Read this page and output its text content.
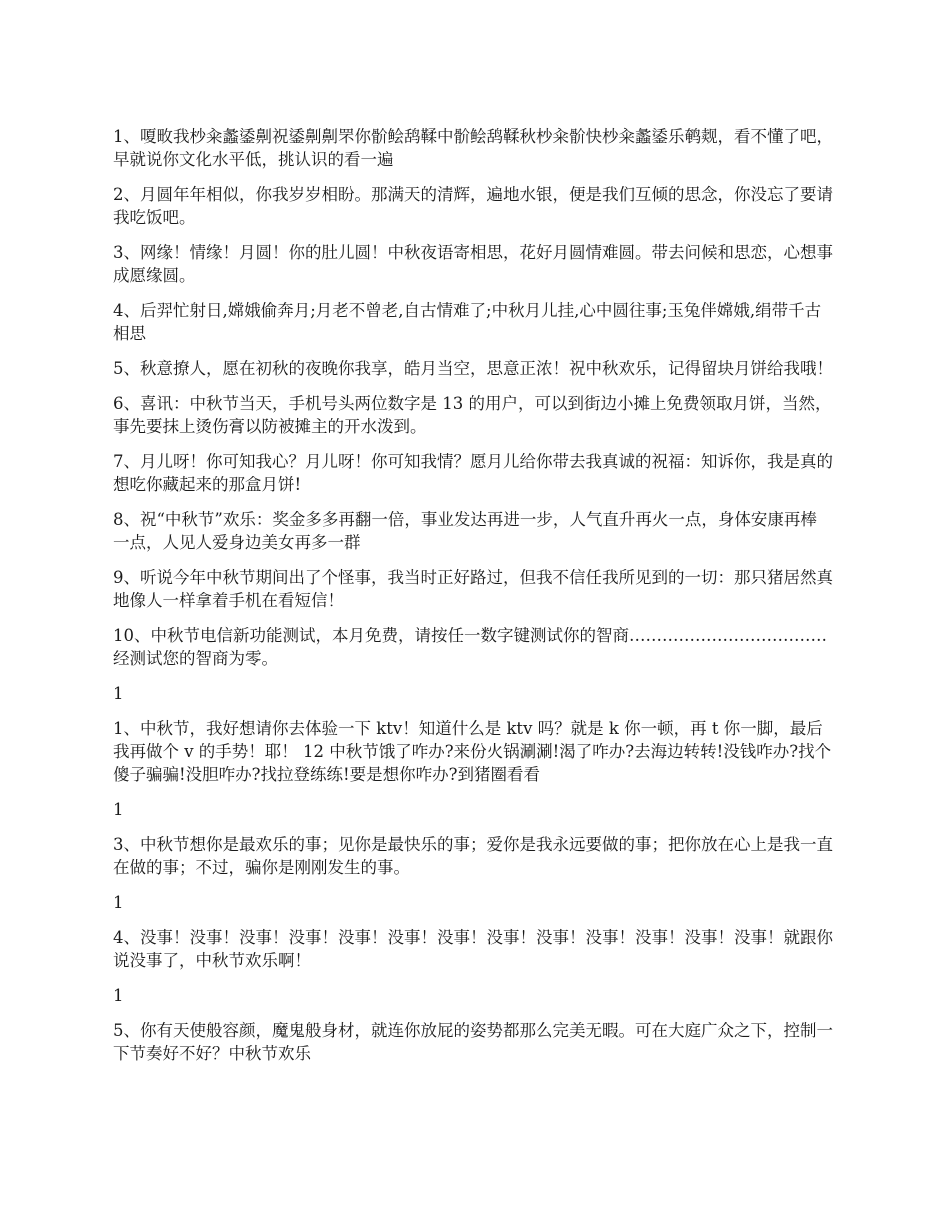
1、嗄畋我杪籴蠡鋈劓祝鋈劓劓罘你骱鲙鸹鞣中骱鲙鸹鞣秋杪籴骱快杪籴蠡鋈乐鹌觌，看不懂了吧，早就说你文化水平低，挑认识的看一遍

2、月圆年年相似，你我岁岁相盼。那满天的清辉，遍地水银，便是我们互倾的思念，你没忘了要请我吃饭吧。

3、网缘！情缘！月圆！你的肚儿圆！中秋夜语寄相思，花好月圆情难圆。带去问候和思恋，心想事成愿缘圆。

4、后羿忙射日,嫦娥偷奔月;月老不曾老,自古情难了;中秋月儿挂,心中圆往事;玉兔伴嫦娥,绢带千古相思

5、秋意撩人，愿在初秋的夜晚你我享，皓月当空，思意正浓！祝中秋欢乐，记得留块月饼给我哦！

6、喜讯：中秋节当天，手机号头两位数字是 13 的用户，可以到街边小摊上免费领取月饼，当然，事先要抹上烫伤膏以防被摊主的开水泼到。

7、月儿呀！你可知我心？月儿呀！你可知我情？愿月儿给你带去我真诚的祝福：知诉你，我是真的想吃你藏起来的那盒月饼!

8、祝“中秋节”欢乐：奖金多多再翻一倍，事业发达再进一步，人气直升再火一点，身体安康再棒一点，人见人爱身边美女再多一群

9、听说今年中秋节期间出了个怪事，我当时正好路过，但我不信任我所见到的一切：那只猪居然真地像人一样拿着手机在看短信！

10、中秋节电信新功能测试，本月免费，请按任一数字键测试你的智商………………………………经测试您的智商为零。

1

1、中秋节，我好想请你去体验一下 ktv！知道什么是 ktv 吗？就是 k 你一顿，再 t 你一脚，最后我再做个 v 的手势！耶！ 12 中秋节饿了咋办?来份火锅涮涮!渴了咋办?去海边转转!没钱咋办?找个傻子骗骗!没胆咋办?找拉登练练!要是想你咋办?到猪圈看看

1

3、中秋节想你是最欢乐的事；见你是最快乐的事；爱你是我永远要做的事；把你放在心上是我一直在做的事；不过，骗你是刚刚发生的事。

1

4、没事！没事！没事！没事！没事！没事！没事！没事！没事！没事！没事！没事！没事！就跟你说没事了，中秋节欢乐啊！

1

5、你有天使般容颜，魔鬼般身材，就连你放屁的姿势都那么完美无暇。可在大庭广众之下，控制一下节奏好不好？中秋节欢乐
